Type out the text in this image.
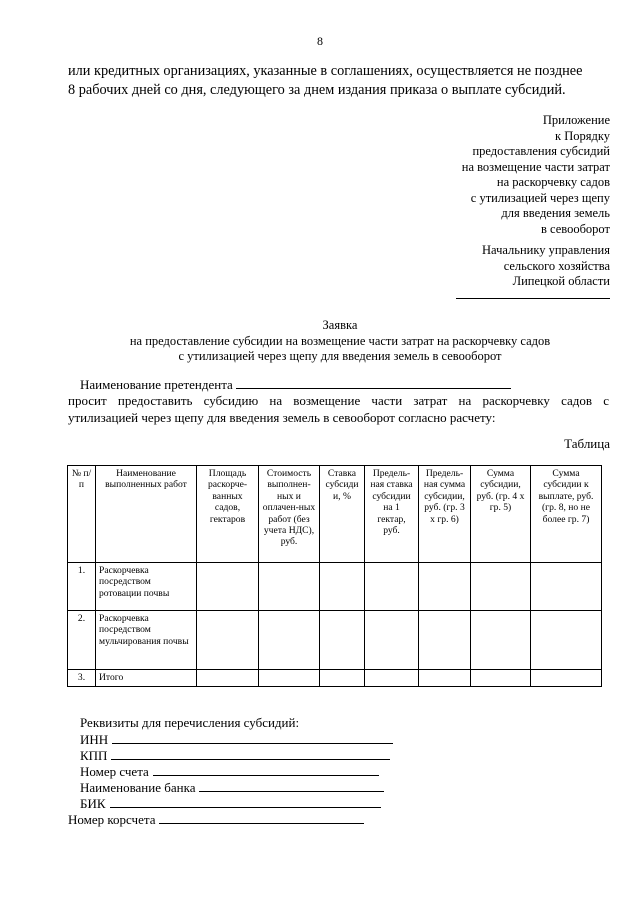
8
или кредитных организациях, указанные в соглашениях, осуществляется не позднее
8 рабочих дней со дня, следующего за днем издания приказа о выплате субсидий.
Приложение
к Порядку
предоставления субсидий
на возмещение части затрат
на раскорчевку садов
с утилизацией через щепу
для введения земель
в севооборот
Начальнику управления
сельского хозяйства
Липецкой области
Заявка
на предоставление субсидии на возмещение части затрат на раскорчевку садов
с утилизацией через щепу для введения земель в севооборот
Наименование претендента
просит предоставить субсидию на возмещение части затрат на раскорчевку садов с
утилизацией через щепу для введения земель в севооборот согласно расчету:
Таблица
№ п/п	Наименование выполненных работ	Площадь раскорче-ванных садов, гектаров	Стоимость выполнен-ных и оплачен-ных работ (без учета НДС), руб.	Ставка субсиди и, %	Предель-ная ставка субсидии на 1 гектар, руб.	Предель-ная сумма субсидии, руб. (гр. 3 х гр. 6)	Сумма субсидии, руб. (гр. 4 х гр. 5)	Сумма субсидии к выплате, руб. (гр. 8, но не более гр. 7)
1.	Раскорчевка посредством ротовации почвы							
2.	Раскорчевка посредством мульчирования почвы							
3.	Итого							
Реквизиты для перечисления субсидий:
ИНН
КПП
Номер счета
Наименование банка
БИК
Номер корсчета
